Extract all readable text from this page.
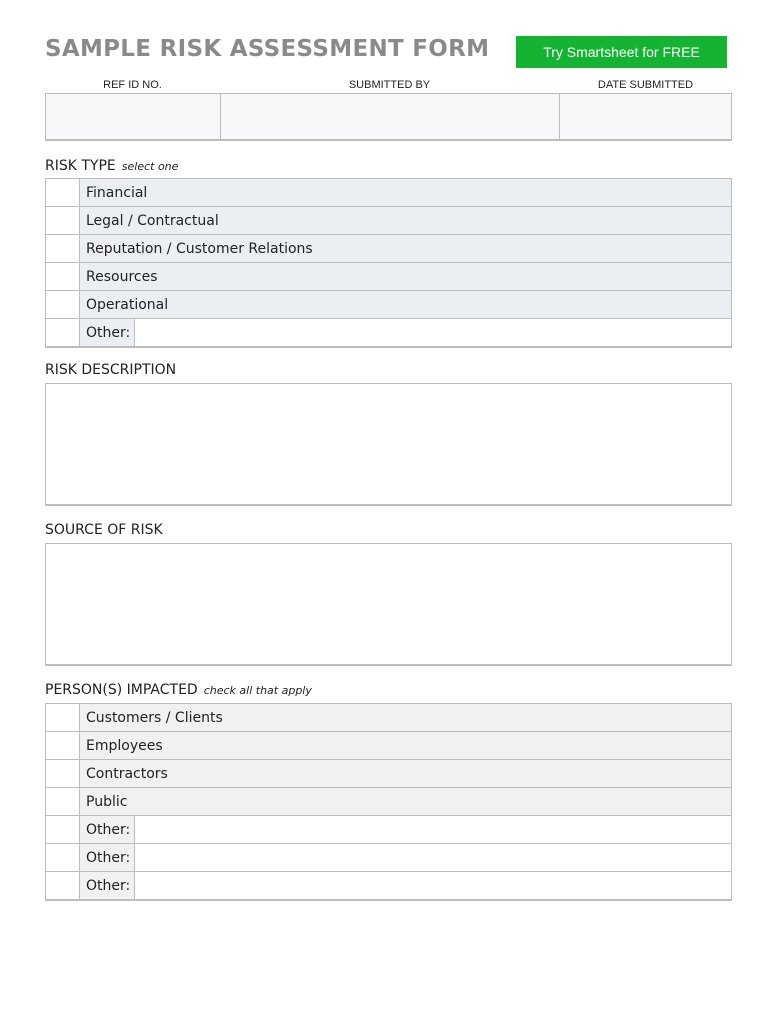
SAMPLE RISK ASSESSMENT FORM	Try Smartsheet for FREE
REF ID NO.	SUBMITTED BY	DATE SUBMITTED
RISK TYPE select one
Financial
Legal / Contractual
Reputation / Customer Relations
Resources
Operational
Other:
RISK DESCRIPTION
SOURCE OF RISK
PERSON(S) IMPACTED check all that apply
Customers / Clients
Employees
Contractors
Public
Other:
Other:
Other:
